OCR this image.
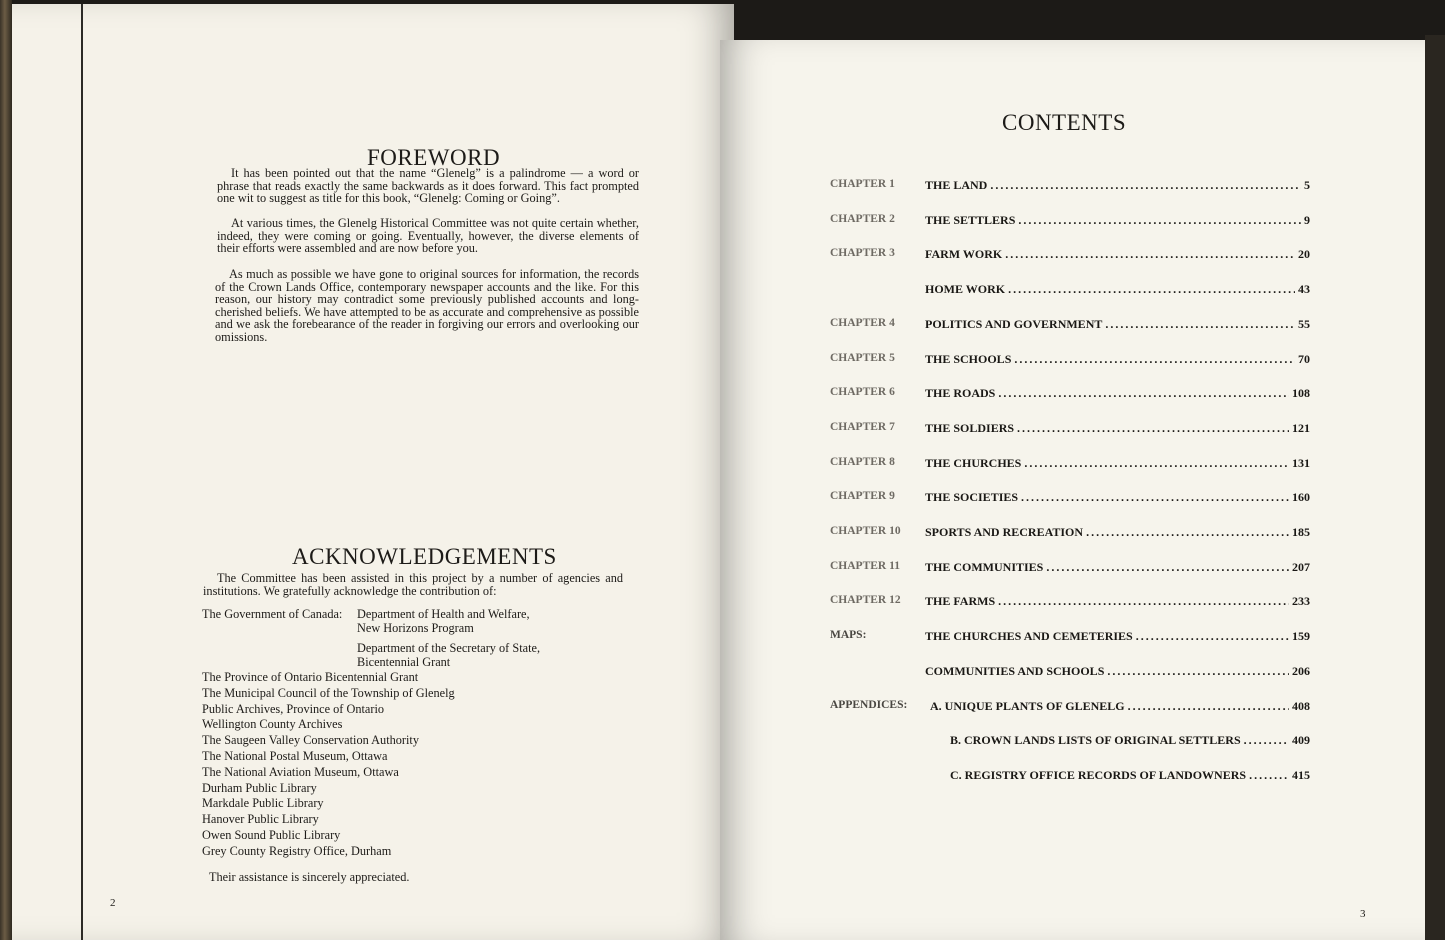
FOREWORD

It has been pointed out that the name “Glenelg” is a palindrome — a word or phrase that reads exactly the same backwards as it does forward. This fact prompted one wit to suggest as title for this book, “Glenelg: Coming or Going”.

At various times, the Glenelg Historical Committee was not quite certain whether, indeed, they were coming or going. Eventually, however, the diverse elements of their efforts were assembled and are now before you.

As much as possible we have gone to original sources for information, the records of the Crown Lands Office, contemporary newspaper accounts and the like. For this reason, our history may contradict some previously published accounts and long-cherished beliefs. We have attempted to be as accurate and comprehensive as possible and we ask the forebearance of the reader in forgiving our errors and overlooking our omissions.

ACKNOWLEDGEMENTS

The Committee has been assisted in this project by a number of agencies and institutions. We gratefully acknowledge the contribution of:

The Government of Canada: Department of Health and Welfare,
New Horizons Program
Department of the Secretary of State,
Bicentennial Grant
The Province of Ontario Bicentennial Grant
The Municipal Council of the Township of Glenelg
Public Archives, Province of Ontario
Wellington County Archives
The Saugeen Valley Conservation Authority
The National Postal Museum, Ottawa
The National Aviation Museum, Ottawa
Durham Public Library
Markdale Public Library
Hanover Public Library
Owen Sound Public Library
Grey County Registry Office, Durham
Their assistance is sincerely appreciated.
2
CONTENTS
CHAPTER 1	THE LAND .....	5
CHAPTER 2	THE SETTLERS .....	9
CHAPTER 3	FARM WORK .....	20
HOME WORK .....	43
CHAPTER 4	POLITICS AND GOVERNMENT .....	55
CHAPTER 5	THE SCHOOLS .....	70
CHAPTER 6	THE ROADS .....	108
CHAPTER 7	THE SOLDIERS .....	121
CHAPTER 8	THE CHURCHES .....	131
CHAPTER 9	THE SOCIETIES .....	160
CHAPTER 10 SPORTS AND RECREATION .....	185
CHAPTER 11 THE COMMUNITIES .....	207
CHAPTER 12 THE FARMS .....	233
MAPS:	THE CHURCHES AND CEMETERIES .....	159
COMMUNITIES AND SCHOOLS .....	206
APPENDICES: A. UNIQUE PLANTS OF GLENELG .....	408
B. CROWN LANDS LISTS OF ORIGINAL SETTLERS .....	409
C. REGISTRY OFFICE RECORDS OF LANDOWNERS .....	415
3
